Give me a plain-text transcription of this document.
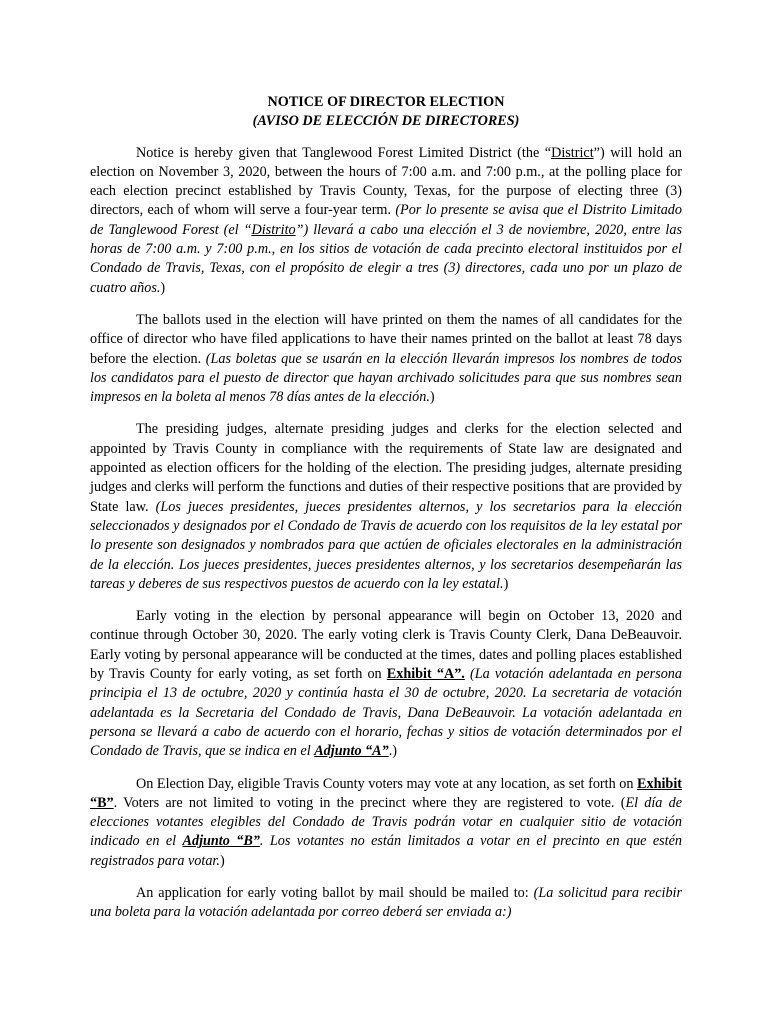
NOTICE OF DIRECTOR ELECTION
(AVISO DE ELECCIÓN DE DIRECTORES)

Notice is hereby given that Tanglewood Forest Limited District (the “District”) will hold an election on November 3, 2020, between the hours of 7:00 a.m. and 7:00 p.m., at the polling place for each election precinct established by Travis County, Texas, for the purpose of electing three (3) directors, each of whom will serve a four-year term. (Por lo presente se avisa que el Distrito Limitado de Tanglewood Forest (el “Distrito”) llevará a cabo una elección el 3 de noviembre, 2020, entre las horas de 7:00 a.m. y 7:00 p.m., en los sitios de votación de cada precinto electoral instituidos por el Condado de Travis, Texas, con el propósito de elegir a tres (3) directores, cada uno por un plazo de cuatro años.)

The ballots used in the election will have printed on them the names of all candidates for the office of director who have filed applications to have their names printed on the ballot at least 78 days before the election. (Las boletas que se usarán en la elección llevarán impresos los nombres de todos los candidatos para el puesto de director que hayan archivado solicitudes para que sus nombres sean impresos en la boleta al menos 78 días antes de la elección.)

The presiding judges, alternate presiding judges and clerks for the election selected and appointed by Travis County in compliance with the requirements of State law are designated and appointed as election officers for the holding of the election. The presiding judges, alternate presiding judges and clerks will perform the functions and duties of their respective positions that are provided by State law. (Los jueces presidentes, jueces presidentes alternos, y los secretarios para la elección seleccionados y designados por el Condado de Travis de acuerdo con los requisitos de la ley estatal por lo presente son designados y nombrados para que actúen de oficiales electorales en la administración de la elección. Los jueces presidentes, jueces presidentes alternos, y los secretarios desempeñarán las tareas y deberes de sus respectivos puestos de acuerdo con la ley estatal.)

Early voting in the election by personal appearance will begin on October 13, 2020 and continue through October 30, 2020. The early voting clerk is Travis County Clerk, Dana DeBeauvoir. Early voting by personal appearance will be conducted at the times, dates and polling places established by Travis County for early voting, as set forth on Exhibit “A”. (La votación adelantada en persona principia el 13 de octubre, 2020 y continúa hasta el 30 de octubre, 2020. La secretaria de votación adelantada es la Secretaria del Condado de Travis, Dana DeBeauvoir. La votación adelantada en persona se llevará a cabo de acuerdo con el horario, fechas y sitios de votación determinados por el Condado de Travis, que se indica en el Adjunto “A”.)

On Election Day, eligible Travis County voters may vote at any location, as set forth on Exhibit “B”. Voters are not limited to voting in the precinct where they are registered to vote. (El día de elecciones votantes elegibles del Condado de Travis podrán votar en cualquier sitio de votación indicado en el Adjunto “B”. Los votantes no están limitados a votar en el precinto en que estén registrados para votar.)

An application for early voting ballot by mail should be mailed to: (La solicitud para recibir una boleta para la votación adelantada por correo deberá ser enviada a:)
